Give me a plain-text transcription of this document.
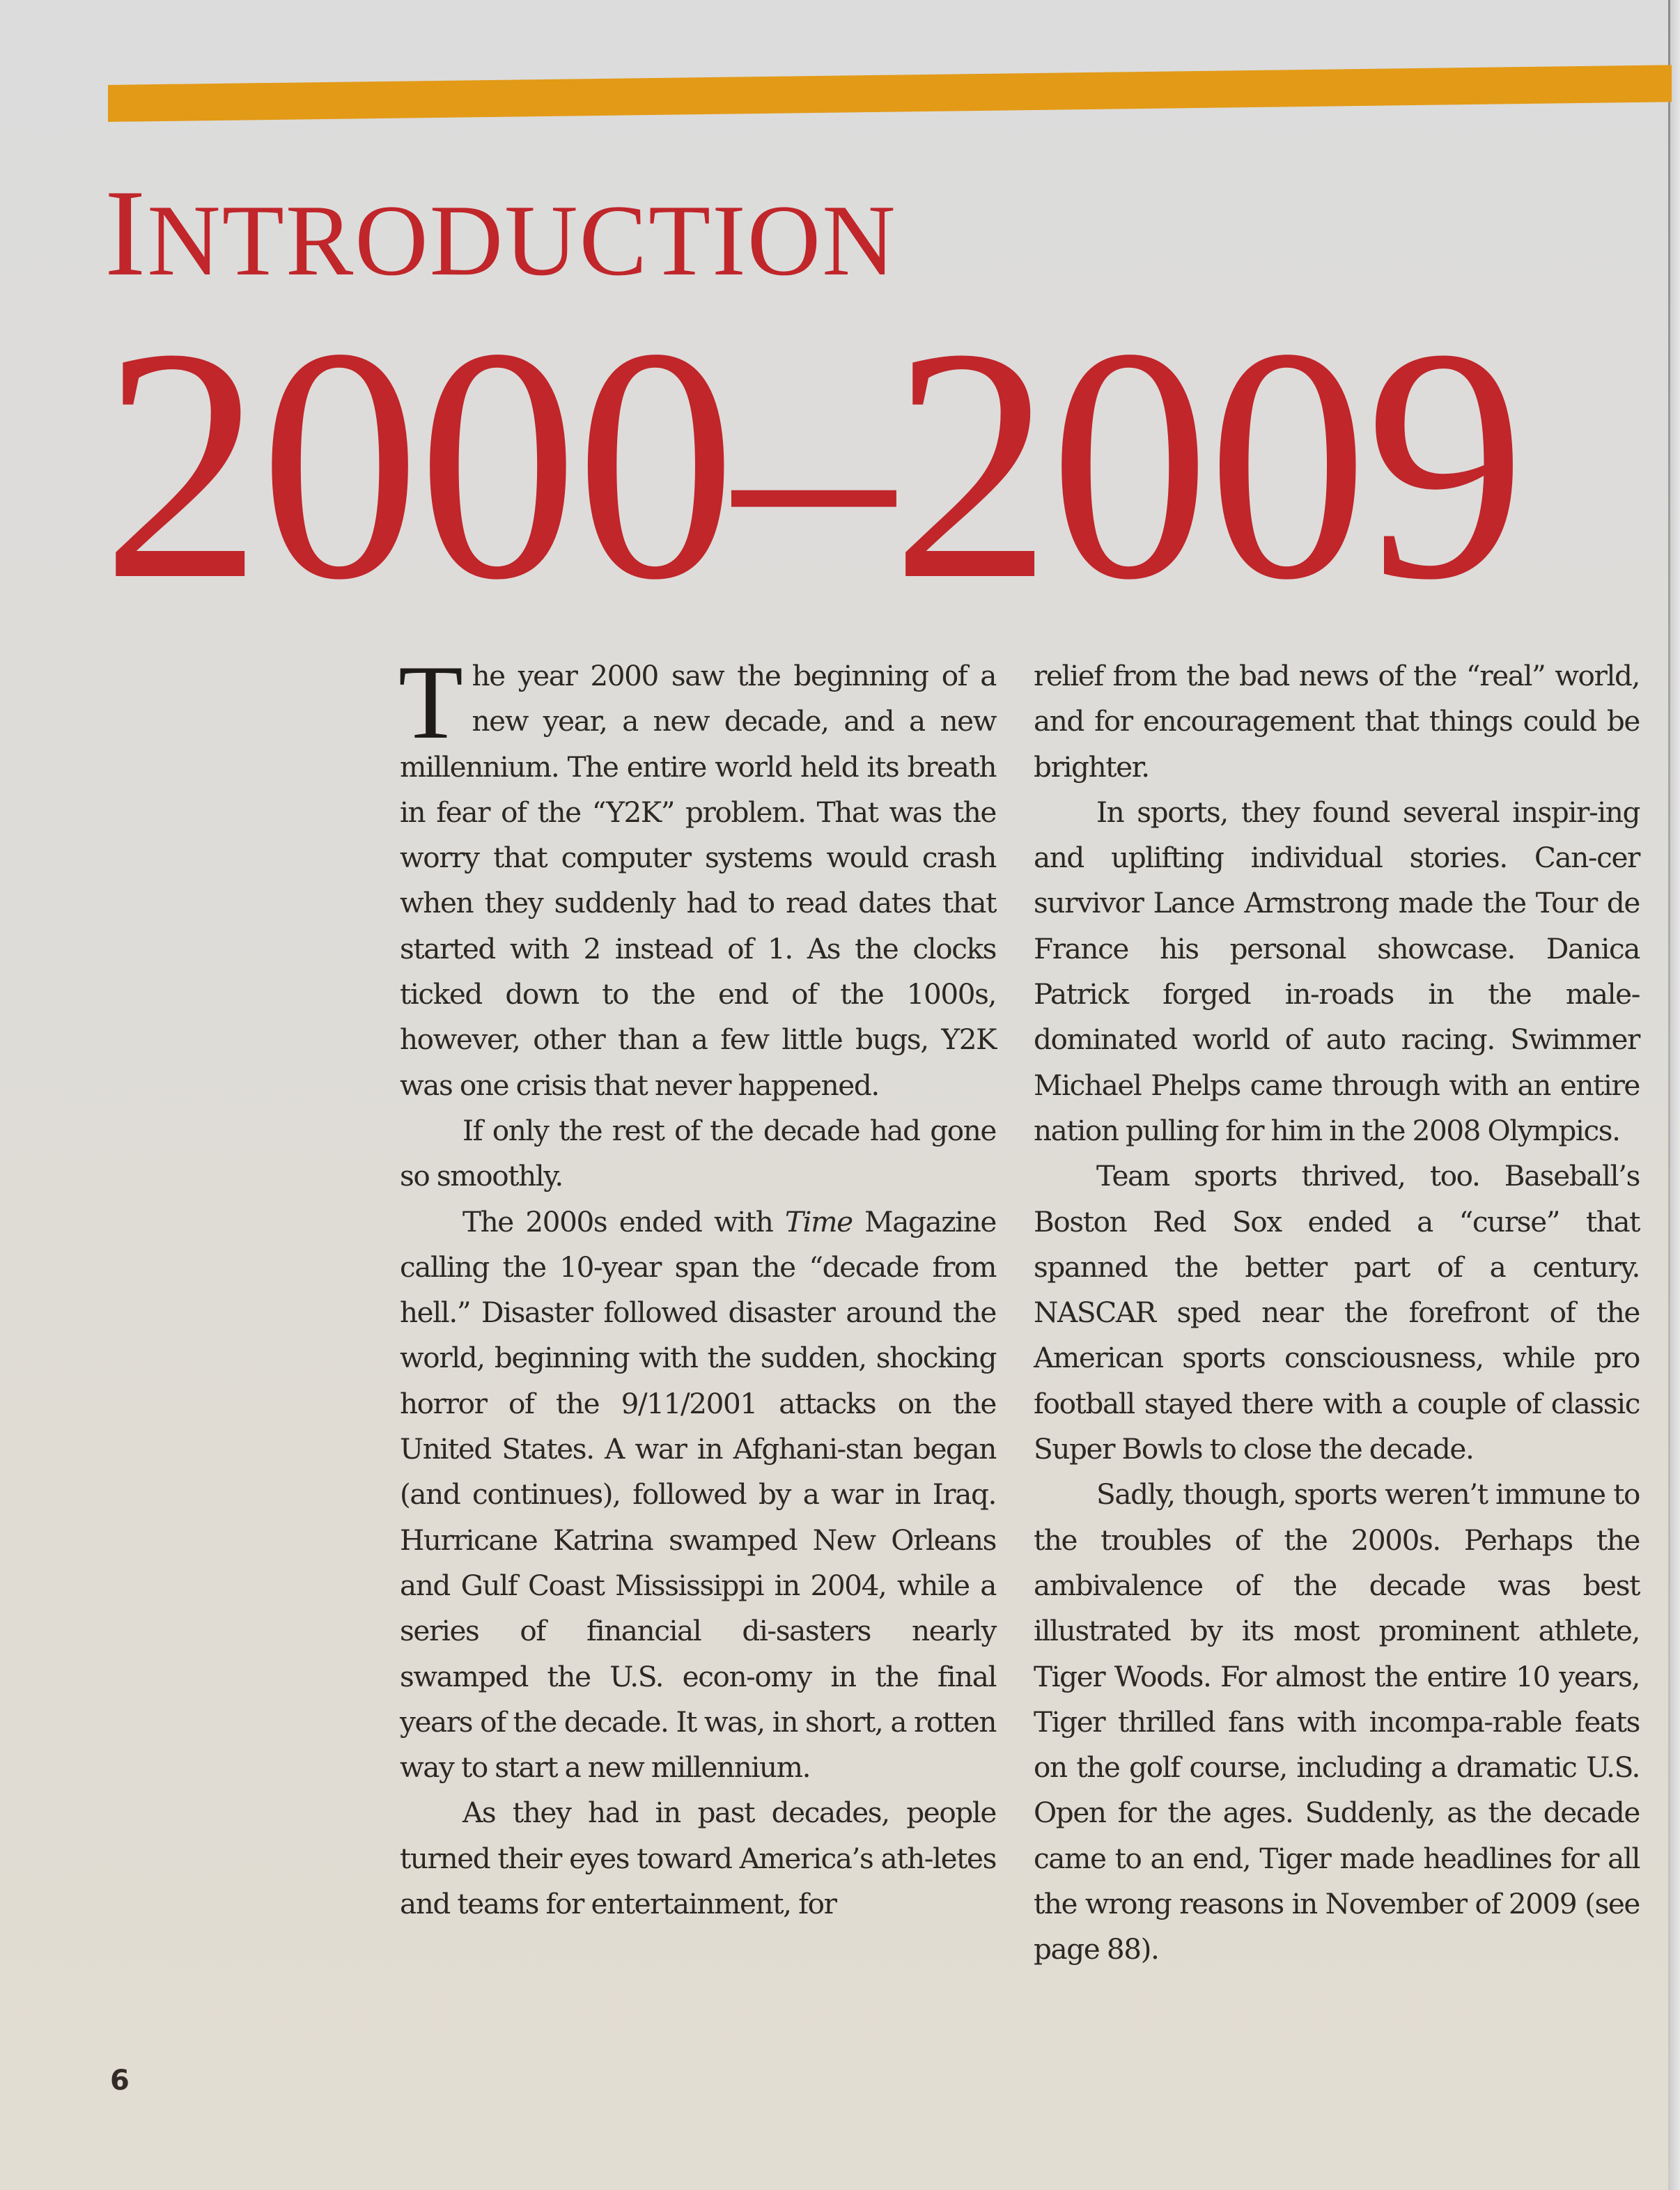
INTRODUCTION
2000–2009

The year 2000 saw the beginning of a new year, a new decade, and a new millennium. The entire world held its breath in fear of the “Y2K” problem. That was the worry that computer systems would crash when they suddenly had to read dates that started with 2 instead of 1. As the clocks ticked down to the end of the 1000s, however, other than a few little bugs, Y2K was one crisis that never happened.

If only the rest of the decade had gone so smoothly.

The 2000s ended with Time Magazine calling the 10-year span the “decade from hell.” Disaster followed disaster around the world, beginning with the sudden, shocking horror of the 9/11/2001 attacks on the United States. A war in Afghani-stan began (and continues), followed by a war in Iraq. Hurricane Katrina swamped New Orleans and Gulf Coast Mississippi in 2004, while a series of financial di-sasters nearly swamped the U.S. econ-omy in the final years of the decade. It was, in short, a rotten way to start a new millennium.

As they had in past decades, people turned their eyes toward America’s ath-letes and teams for entertainment, for

relief from the bad news of the “real” world, and for encouragement that things could be brighter.

In sports, they found several inspir-ing and uplifting individual stories. Can-cer survivor Lance Armstrong made the Tour de France his personal showcase. Danica Patrick forged in-roads in the male-dominated world of auto racing. Swimmer Michael Phelps came through with an entire nation pulling for him in the 2008 Olympics.

Team sports thrived, too. Baseball’s Boston Red Sox ended a “curse” that spanned the better part of a century. NASCAR sped near the forefront of the American sports consciousness, while pro football stayed there with a couple of classic Super Bowls to close the decade.

Sadly, though, sports weren’t immune to the troubles of the 2000s. Perhaps the ambivalence of the decade was best illustrated by its most prominent athlete, Tiger Woods. For almost the entire 10 years, Tiger thrilled fans with incompa-rable feats on the golf course, including a dramatic U.S. Open for the ages. Suddenly, as the decade came to an end, Tiger made headlines for all the wrong reasons in November of 2009 (see page 88).

6
